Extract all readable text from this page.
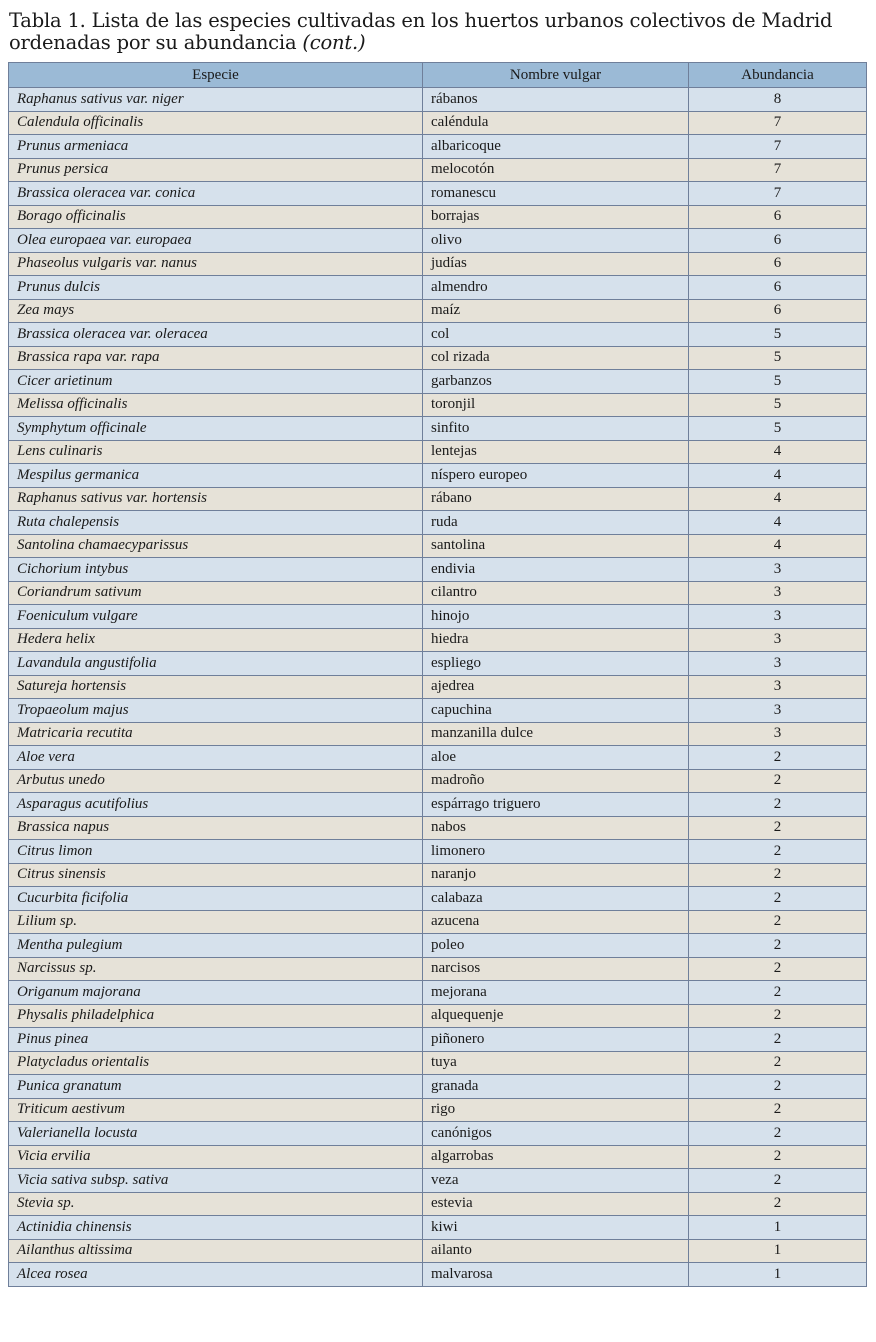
Tabla 1. Lista de las especies cultivadas en los huertos urbanos colectivos de Madrid
ordenadas por su abundancia (cont.)
Especie	Nombre vulgar	Abundancia
Raphanus sativus var. niger	rábanos	8
Calendula officinalis	caléndula	7
Prunus armeniaca	albaricoque	7
Prunus persica	melocotón	7
Brassica oleracea var. conica	romanescu	7
Borago officinalis	borrajas	6
Olea europaea var. europaea	olivo	6
Phaseolus vulgaris var. nanus	judías	6
Prunus dulcis	almendro	6
Zea mays	maíz	6
Brassica oleracea var. oleracea	col	5
Brassica rapa var. rapa	col rizada	5
Cicer arietinum	garbanzos	5
Melissa officinalis	toronjil	5
Symphytum officinale	sinfito	5
Lens culinaris	lentejas	4
Mespilus germanica	níspero europeo	4
Raphanus sativus var. hortensis	rábano	4
Ruta chalepensis	ruda	4
Santolina chamaecyparissus	santolina	4
Cichorium intybus	endivia	3
Coriandrum sativum	cilantro	3
Foeniculum vulgare	hinojo	3
Hedera helix	hiedra	3
Lavandula angustifolia	espliego	3
Satureja hortensis	ajedrea	3
Tropaeolum majus	capuchina	3
Matricaria recutita	manzanilla dulce	3
Aloe vera	aloe	2
Arbutus unedo	madroño	2
Asparagus acutifolius	espárrago triguero	2
Brassica napus	nabos	2
Citrus limon	limonero	2
Citrus sinensis	naranjo	2
Cucurbita ficifolia	calabaza	2
Lilium sp.	azucena	2
Mentha pulegium	poleo	2
Narcissus sp.	narcisos	2
Origanum majorana	mejorana	2
Physalis philadelphica	alquequenje	2
Pinus pinea	piñonero	2
Platycladus orientalis	tuya	2
Punica granatum	granada	2
Triticum aestivum	rigo	2
Valerianella locusta	canónigos	2
Vicia ervilia	algarrobas	2
Vicia sativa subsp. sativa	veza	2
Stevia sp.	estevia	2
Actinidia chinensis	kiwi	1
Ailanthus altissima	ailanto	1
Alcea rosea	malvarosa	1
